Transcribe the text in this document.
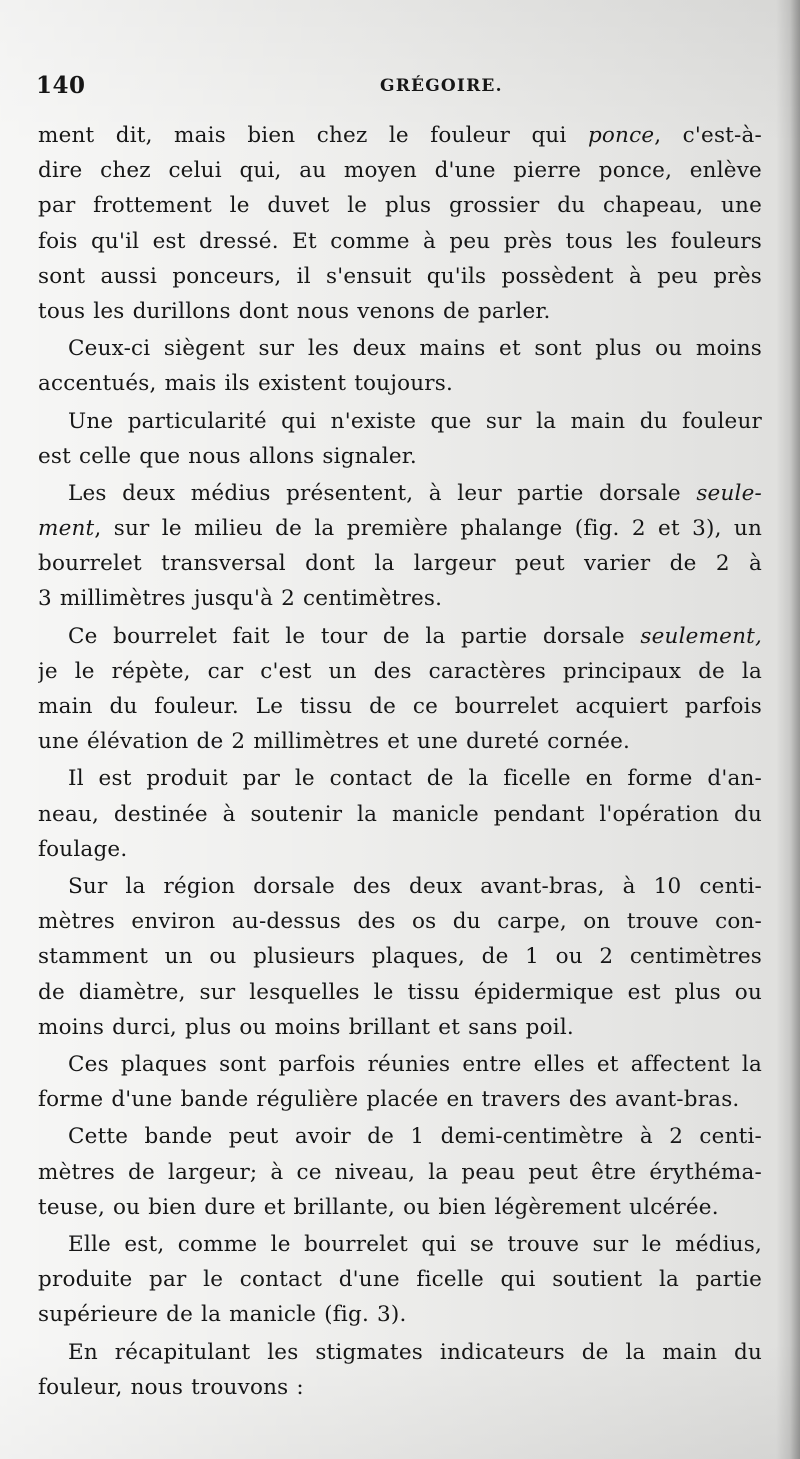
140	GRÉGOIRE.
ment dit, mais bien chez le fouleur qui ponce, c'est-à-
dire chez celui qui, au moyen d'une pierre ponce, enlève
par frottement le duvet le plus grossier du chapeau, une
fois qu'il est dressé. Et comme à peu près tous les fouleurs
sont aussi ponceurs, il s'ensuit qu'ils possèdent à peu près
tous les durillons dont nous venons de parler.
Ceux-ci siègent sur les deux mains et sont plus ou moins
accentués, mais ils existent toujours.
Une particularité qui n'existe que sur la main du fouleur
est celle que nous allons signaler.
Les deux médius présentent, à leur partie dorsale seule-
ment, sur le milieu de la première phalange (fig. 2 et 3), un
bourrelet transversal dont la largeur peut varier de 2 à
3 millimètres jusqu'à 2 centimètres.
Ce bourrelet fait le tour de la partie dorsale seulement,
je le répète, car c'est un des caractères principaux de la
main du fouleur. Le tissu de ce bourrelet acquiert parfois
une élévation de 2 millimètres et une dureté cornée.
Il est produit par le contact de la ficelle en forme d'an-
neau, destinée à soutenir la manicle pendant l'opération du
foulage.
Sur la région dorsale des deux avant-bras, à 10 centi-
mètres environ au-dessus des os du carpe, on trouve con-
stamment un ou plusieurs plaques, de 1 ou 2 centimètres
de diamètre, sur lesquelles le tissu épidermique est plus ou
moins durci, plus ou moins brillant et sans poil.
Ces plaques sont parfois réunies entre elles et affectent la
forme d'une bande régulière placée en travers des avant-bras.
Cette bande peut avoir de 1 demi-centimètre à 2 centi-
mètres de largeur; à ce niveau, la peau peut être érythéma-
teuse, ou bien dure et brillante, ou bien légèrement ulcérée.
Elle est, comme le bourrelet qui se trouve sur le médius,
produite par le contact d'une ficelle qui soutient la partie
supérieure de la manicle (fig. 3).
En récapitulant les stigmates indicateurs de la main du
fouleur, nous trouvons :
